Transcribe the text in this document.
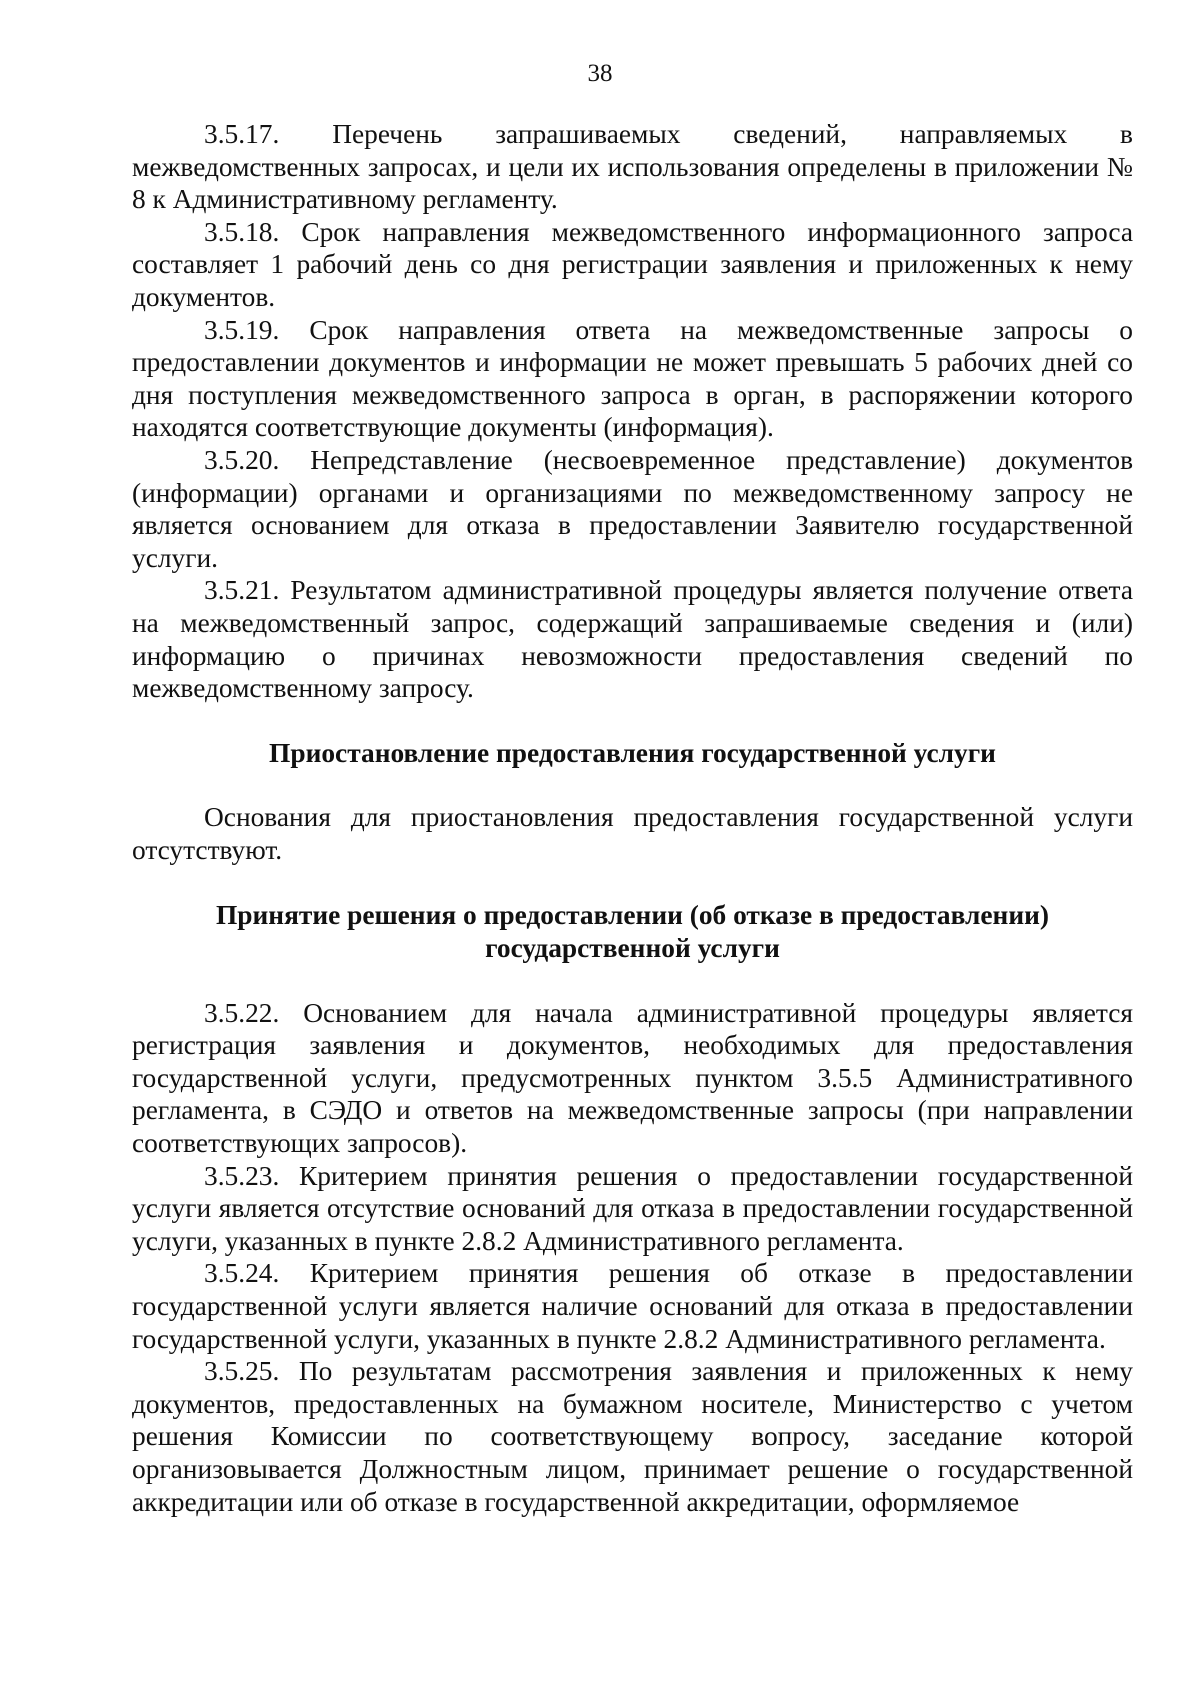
38

3.5.17. Перечень запрашиваемых сведений, направляемых в межведомственных запросах, и цели их использования определены в приложении № 8 к Административному регламенту.

3.5.18. Срок направления межведомственного информационного запроса составляет 1 рабочий день со дня регистрации заявления и приложенных к нему документов.

3.5.19. Срок направления ответа на межведомственные запросы о предоставлении документов и информации не может превышать 5 рабочих дней со дня поступления межведомственного запроса в орган, в распоряжении которого находятся соответствующие документы (информация).

3.5.20. Непредставление (несвоевременное представление) документов (информации) органами и организациями по межведомственному запросу не является основанием для отказа в предоставлении Заявителю государственной услуги.

3.5.21. Результатом административной процедуры является получение ответа на межведомственный запрос, содержащий запрашиваемые сведения и (или) информацию о причинах невозможности предоставления сведений по межведомственному запросу.

Приостановление предоставления государственной услуги

Основания для приостановления предоставления государственной услуги отсутствуют.

Принятие решения о предоставлении (об отказе в предоставлении)
государственной услуги

3.5.22. Основанием для начала административной процедуры является регистрация заявления и документов, необходимых для предоставления государственной услуги, предусмотренных пунктом 3.5.5 Административного регламента, в СЭДО и ответов на межведомственные запросы (при направлении соответствующих запросов).

3.5.23. Критерием принятия решения о предоставлении государственной услуги является отсутствие оснований для отказа в предоставлении государственной услуги, указанных в пункте 2.8.2 Административного регламента.

3.5.24. Критерием принятия решения об отказе в предоставлении государственной услуги является наличие оснований для отказа в предоставлении государственной услуги, указанных в пункте 2.8.2 Административного регламента.

3.5.25. По результатам рассмотрения заявления и приложенных к нему документов, предоставленных на бумажном носителе, Министерство с учетом решения Комиссии по соответствующему вопросу, заседание которой организовывается Должностным лицом, принимает решение о государственной аккредитации или об отказе в государственной аккредитации, оформляемое
